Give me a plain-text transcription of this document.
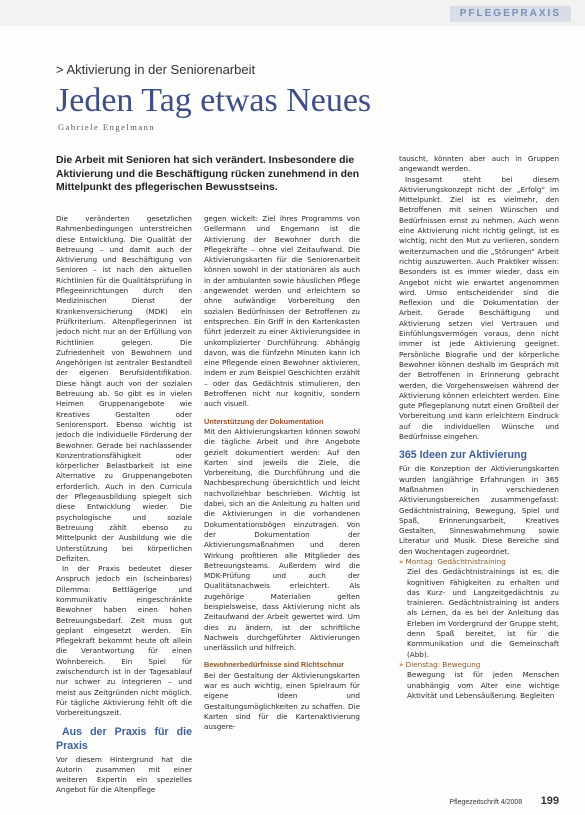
PFLEGEPRAXIS
> Aktivierung in der Seniorenarbeit
Jeden Tag etwas Neues
Gabriele Engelmann
Die Arbeit mit Senioren hat sich verändert. Insbesondere die Aktivierung und die Beschäftigung rücken zunehmend in den Mittelpunkt des pflegerischen Bewusstseins.

Die veränderten gesetzlichen Rahmenbedingungen unterstreichen diese Entwicklung. Die Qualität der Betreuung – und damit auch der Aktivierung und Beschäftigung von Senioren – ist nach den aktuellen Richtlinien für die Qualitätsprüfung in Pflegeeinrichtungen durch den Medizinischen Dienst der Krankenversicherung (MDK) ein Prüfkriterium. Altenpflegerinnen ist jedoch nicht nur an der Erfüllung von Richtlinien gelegen. Die Zufriedenheit von Bewohnern und Angehörigen ist zentraler Bestandteil der eigenen Berufsidentifikation. Diese hängt auch von der sozialen Betreuung ab. So gibt es in vielen Heimen Gruppenangebote wie Kreatives Gestalten oder Seniorensport. Ebenso wichtig ist jedoch die individuelle Förderung der Bewohner. Gerade bei nachlassender Konzentrationsfähigkeit oder körperlicher Belastbarkeit ist eine Alternative zu Gruppenangeboten erforderlich. Auch in den Curricula der Pflegeausbildung spiegelt sich diese Entwicklung wieder. Die psychologische und soziale Betreuung zählt ebenso zu Mittelpunkt der Ausbildung wie die Unterstützung bei körperlichen Defiziten.

In der Praxis bedeutet dieser Anspruch jedoch ein (scheinbares) Dilemma: Bettlägerige und kommunikativ eingeschränkte Bewohner haben einen hohen Betreuungsbedarf. Zeit muss gut geplant eingesetzt werden. Ein Pflegekraft bekommt heute oft allein die Verantwortung für einen Wohnbereich. Ein Spiel für zwischendurch ist in der Tagesablauf nur schwer zu integrieren – und meist aus Zeitgründen nicht möglich. Für tägliche Aktivierung fehlt oft die Vorbereitungszeit.

Aus der Praxis für die Praxis

Vor diesem Hintergrund hat die Autorin zusammen mit einer weiteren Expertin ein spezielles Angebot für die Altenpflege

gegen wickelt: Ziel ihres Programms von Gellermann und Engemann ist die Aktivierung der Bewohner durch die Pflegekräfte – ohne viel Zeitaufwand. Die Aktivierungskarten für die Seniorenarbeit können sowohl in der stationären als auch in der ambulanten sowie häuslichen Pflege angewendet werden und erleichtern so ohne aufwändige Vorbereitung den sozialen Bedürfnissen der Betroffenen zu entsprechen. Ein Griff in den Kartenkasten führt jederzeit zu einer Aktivierungsidee in unkomplizierter Durchführung. Abhängig davon, was die fünfzehn Minuten kann ich eine Pflegende einen Bewohner aktivieren, indem er zum Beispiel Geschichten erzählt – oder das Gedächtnis stimulieren, den Betroffenen nicht nur kognitiv, sondern auch visuell.

Unterstützung der Dokumentation

Mit den Aktivierungskarten können sowohl die tägliche Arbeit und ihre Angebote gezielt dokumentiert werden: Auf den Karten sind jeweils die Ziele, die Vorbereitung, die Durchführung und die Nachbesprechung übersichtlich und leicht nachvollziehbar beschrieben. Wichtig ist dabei, sich an die Anleitung zu halten und die Aktivierungen in die vorhandenen Dokumentationsbögen einzutragen. Von der Dokumentation der Aktivierungsmaßnahmen und deren Wirkung profitieren alle Mitglieder des Betreuungsteams. Außerdem wird die MDK-Prüfung und auch der Qualitätsnachweis erleichtert. Als zugehörige Materialien gelten beispielsweise, dass Aktivierung nicht als Zeitaufwand der Arbeit gewertet wird. Um dies zu ändern, ist der schriftliche Nachweis durchgeführter Aktivierungen unerlässlich und hilfreich.

Bewohnerbedürfnisse sind Richtschnur

Bei der Gestaltung der Aktivierungskarten war es auch wichtig, einen Spielraum für eigene Ideen und Gestaltungsmöglichkeiten zu schaffen. Die Karten sind für die Kartenaktivierung ausgere-

tauscht, könnten aber auch in Gruppen angewandt werden.

Insgesamt steht bei diesem Aktivierungskonzept nicht der „Erfolg“ im Mittelpunkt. Ziel ist es vielmehr, den Betroffenen mit seinen Wünschen und Bedürfnissen ernst zu nehmen. Auch wenn eine Aktivierung nicht richtig gelingt, ist es wichtig, nicht den Mut zu verlieren, sondern weiterzumachen und die „Störungen“ Arbeit richtig auszuwerten. Auch Praktiker wissen: Besonders ist es immer wieder, dass ein Angebot nicht wie erwartet angenommen wird. Umso entscheidender sind die Reflexion und die Dokumentation der Arbeit. Gerade Beschäftigung und Aktivierung setzen viel Vertrauen und Einfühlungsvermögen voraus, denn nicht immer ist jede Aktivierung geeignet. Persönliche Biografie und der körperliche Bewohner können deshalb im Gespräch mit der Betroffenen in Erinnerung gebracht werden, die Vorgehensweisen während der Aktivierung können erleichtert werden. Eine gute Pflegeplanung nutzt einen Großteil der Vorbereitung und kann erleichtern Eindruck auf die individuellen Wünsche und Bedürfnisse eingehen.

365 Ideen zur Aktivierung

Für die Konzeption der Aktivierungskarten wurden langjährige Erfahrungen in 365 Maßnahmen in verschiedenen Aktivierungsbereichen zusammengefasst: Gedächtnistraining, Bewegung, Spiel und Spaß, Erinnerungsarbeit, Kreatives Gestalten, Sinneswahrnehmung sowie Literatur und Musik. Diese Bereiche sind den Wochentagen zugeordnet.

» Montag: Gedächtnistraining

Ziel des Gedächtnistrainings ist es, die kognitiven Fähigkeiten zu erhalten und das Kurz- und Langzeitgedächtnis zu trainieren. Gedächtnistraining ist anders als Lernen, da es bei der Anleitung das Erleben im Vordergrund der Gruppe steht, denn Spaß bereitet, ist für die Kommunikation und die Gemeinschaft (Abb).

» Dienstag: Bewegung

Bewegung ist für jeden Menschen unabhängig vom Alter eine wichtige Aktivität und Lebensäußerung. Begleiten

Pflegezeitschrift 4/2008 199
